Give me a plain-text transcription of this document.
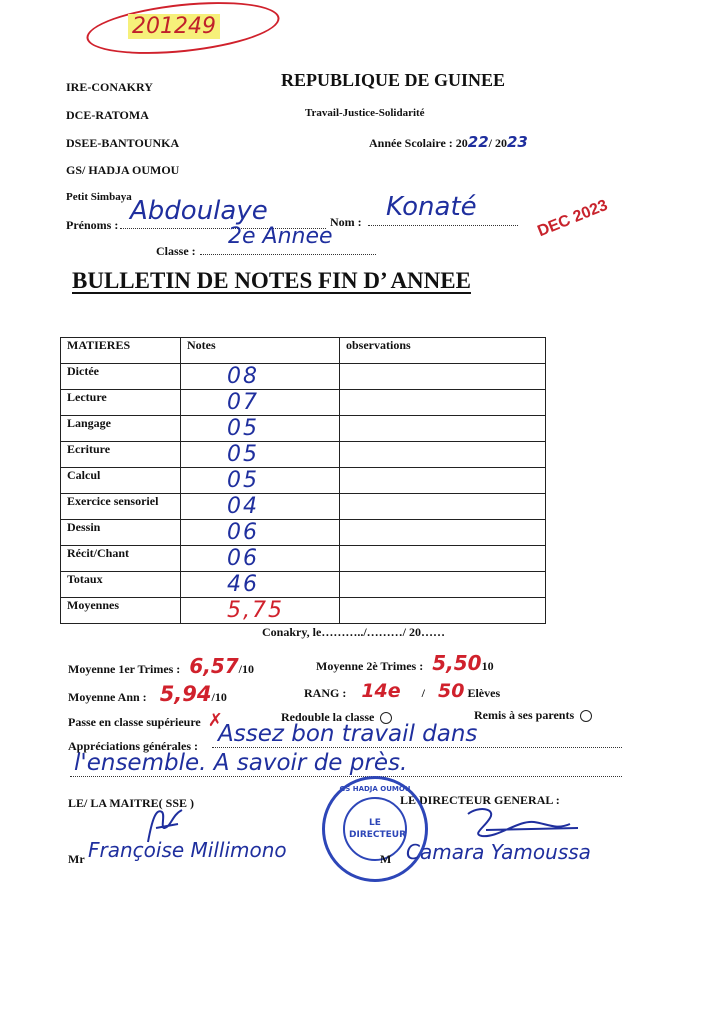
201249
IRE-CONAKRY
DCE-RATOMA
DSEE-BANTOUNKA
GS/ HADJA OUMOU
Petit Simbaya
REPUBLIQUE DE GUINEE
Travail-Justice-Solidarité
Année Scolaire : 2022/ 2023
Prénoms : Abdoulaye	Nom : Konaté	DEC 2023
Classe :
2e Annee
BULLETIN DE NOTES FIN D’ ANNEE
MATIERES	Notes	observations
Dictée	08	
Lecture	07	
Langage	05	
Ecriture	05	
Calcul	05	
Exercice sensoriel	04	
Dessin	06	
Récit/Chant	06	
Totaux	46	
Moyennes	5,75	
Conakry, le………../………/ 20……
Moyenne 1er Trimes : 6,57/10	Moyenne 2è Trimes : 5,5010
Moyenne Ann : 5,94/10	RANG : 14e / 50 Elèves
Passe en classe supérieure ✗	Redouble la classe	Remis à ses parents
Appréciations générales : Assez bon travail dans
l'ensemble. A savoir de près.
LE/ LA MAITRE( SSE )	LE DIRECTEUR GENERAL :
GS HADJA OUMOU
LE DIRECTEUR
Mr Françoise Millimono	M Camara Yamoussa
